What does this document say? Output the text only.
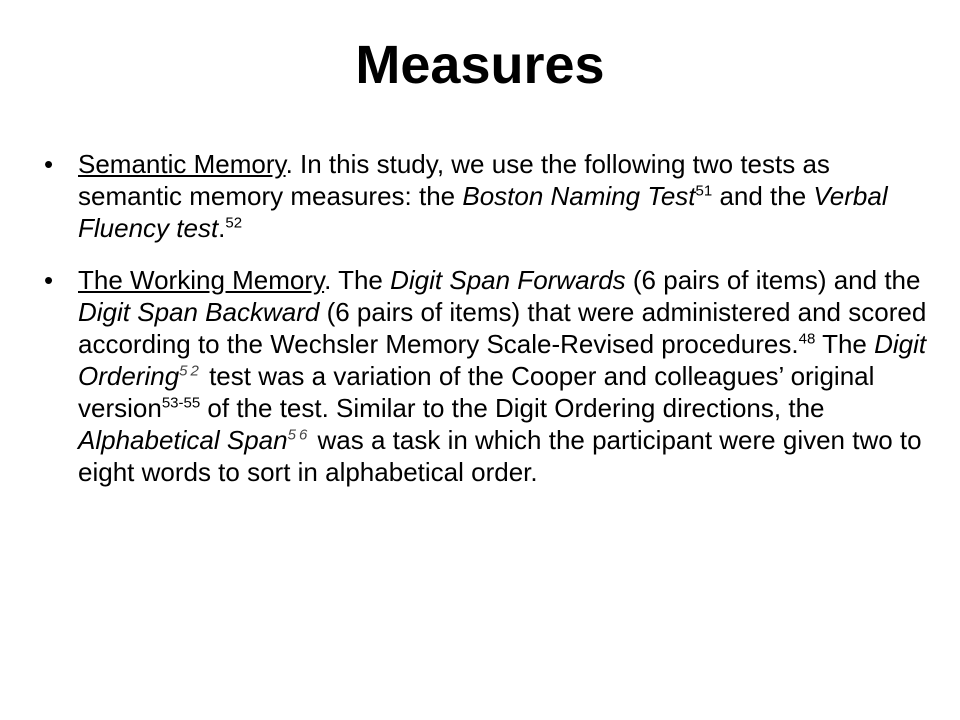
Measures
• Semantic Memory. In this study, we use the following two tests as semantic memory measures: the Boston Naming Test$^{51}$ and the Verbal Fluency test.$^{52}$
• The Working Memory. The Digit Span Forwards (6 pairs of items) and the Digit Span Backward (6 pairs of items) that were administered and scored according to the Wechsler Memory Scale-Revised procedures.$^{48}$ The Digit Ordering$^{52}$ test was a variation of the Cooper and colleagues’ original version$^{53-55}$ of the test. Similar to the Digit Ordering directions, the Alphabetical Span$^{56}$ was a task in which the participant were given two to eight words to sort in alphabetical order.
